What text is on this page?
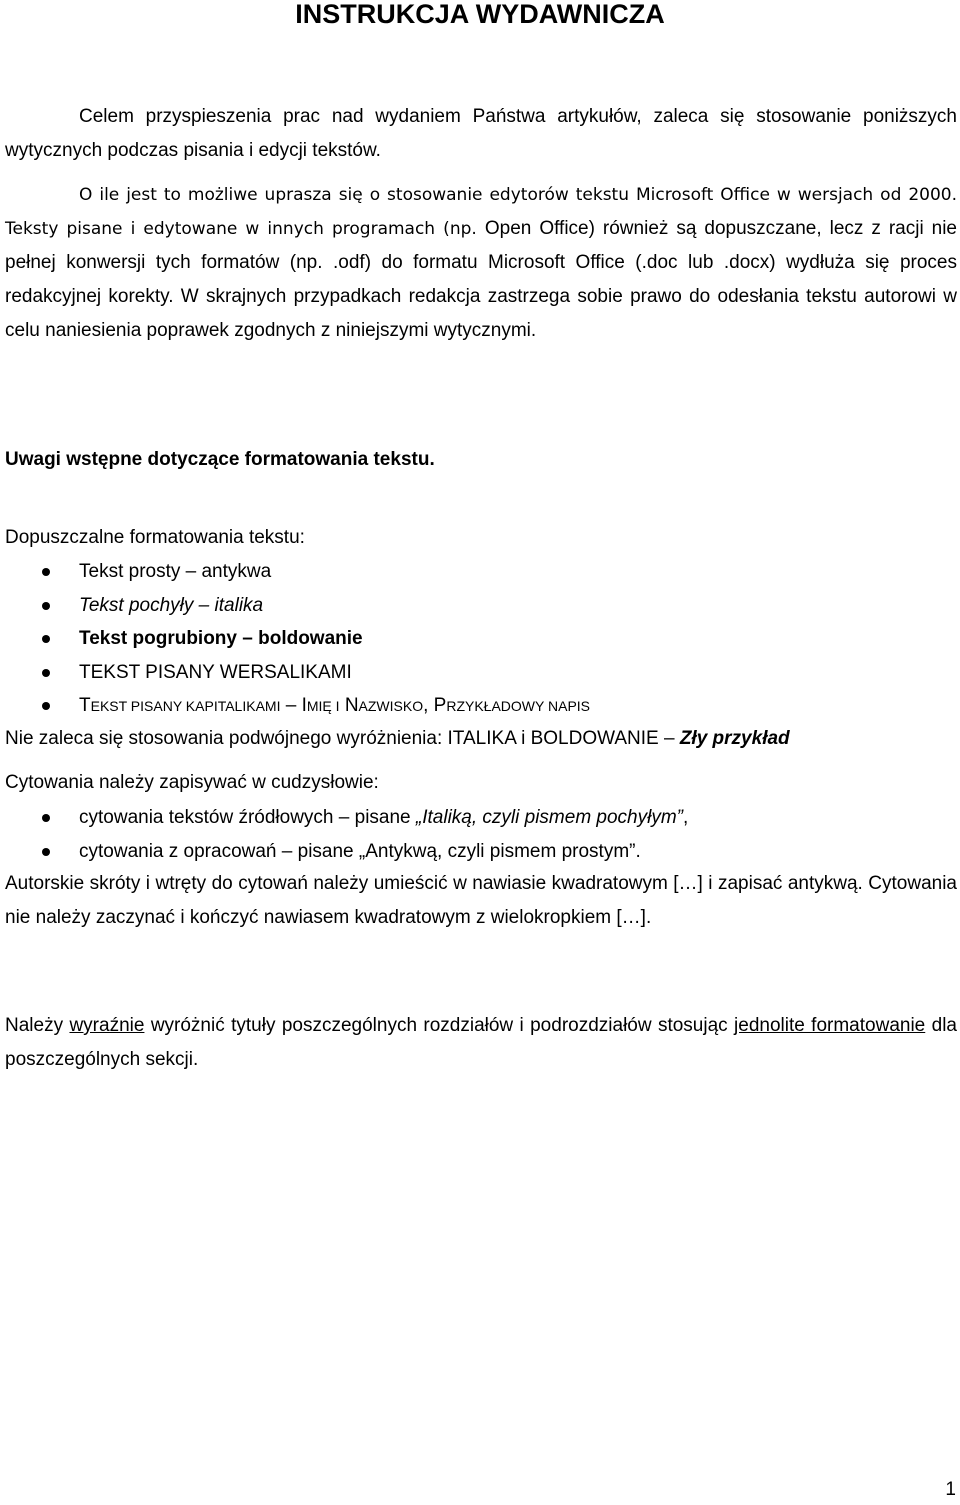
INSTRUKCJA WYDAWNICZA

Celem przyspieszenia prac nad wydaniem Państwa artykułów, zaleca się stosowanie poniższych wytycznych podczas pisania i edycji tekstów.

O ile jest to możliwe uprasza się o stosowanie edytorów tekstu Microsoft Office w wersjach od 2000. Teksty pisane i edytowane w innych programach (np. Open Office) również są dopuszczane, lecz z racji nie pełnej konwersji tych formatów (np. .odf) do formatu Microsoft Office (.doc lub .docx) wydłuża się proces redakcyjnej korekty. W skrajnych przypadkach redakcja zastrzega sobie prawo do odesłania tekstu autorowi w celu naniesienia poprawek zgodnych z niniejszymi wytycznymi.

Uwagi wstępne dotyczące formatowania tekstu.

Dopuszczalne formatowania tekstu:

Tekst prosty – antykwa
Tekst pochyły – italika
Tekst pogrubiony – boldowanie
TEKST PISANY WERSALIKAMI
TEKST PISANY KAPITALIKAMI – IMIĘ I NAZWISKO, PRZYKŁADOWY NAPIS

Nie zaleca się stosowania podwójnego wyróżnienia: ITALIKA i BOLDOWANIE – Zły przykład

Cytowania należy zapisywać w cudzysłowie:

cytowania tekstów źródłowych – pisane „Italiką, czyli pismem pochyłym”,
cytowania z opracowań – pisane „Antykwą, czyli pismem prostym”.

Autorskie skróty i wtręty do cytowań należy umieścić w nawiasie kwadratowym […] i zapisać antykwą. Cytowania nie należy zaczynać i kończyć nawiasem kwadratowym z wielokropkiem […].

Należy wyraźnie wyróżnić tytuły poszczególnych rozdziałów i podrozdziałów stosując jednolite formatowanie dla poszczególnych sekcji.

1
